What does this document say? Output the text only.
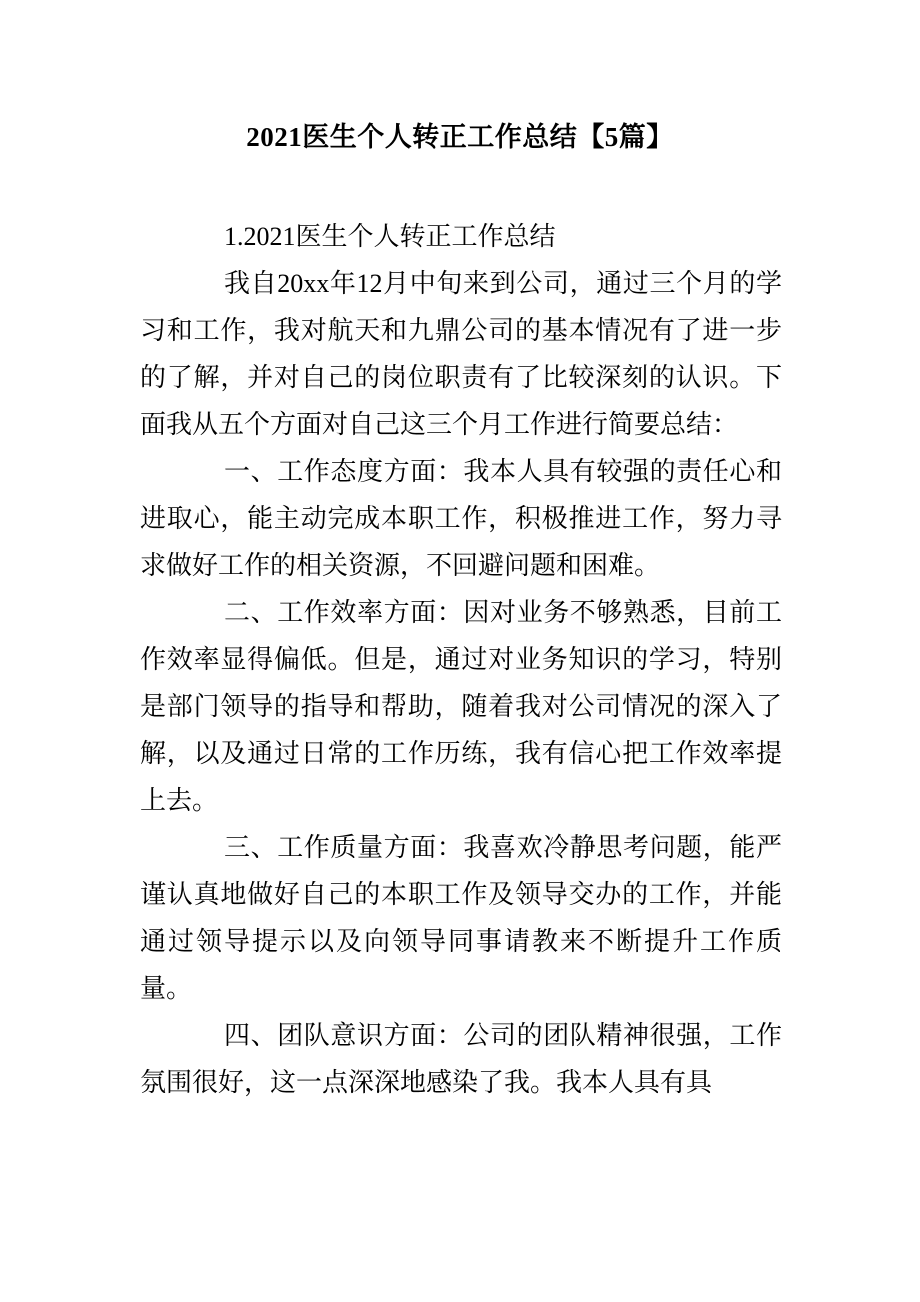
2021医生个人转正工作总结【5篇】

1.2021医生个人转正工作总结

我自20xx年12月中旬来到公司，通过三个月的学习和工作，我对航天和九鼎公司的基本情况有了进一步的了解，并对自己的岗位职责有了比较深刻的认识。下面我从五个方面对自己这三个月工作进行简要总结：

一、工作态度方面：我本人具有较强的责任心和进取心，能主动完成本职工作，积极推进工作，努力寻求做好工作的相关资源，不回避问题和困难。

二、工作效率方面：因对业务不够熟悉，目前工作效率显得偏低。但是，通过对业务知识的学习，特别是部门领导的指导和帮助，随着我对公司情况的深入了解，以及通过日常的工作历练，我有信心把工作效率提上去。

三、工作质量方面：我喜欢冷静思考问题，能严谨认真地做好自己的本职工作及领导交办的工作，并能通过领导提示以及向领导同事请教来不断提升工作质量。

四、团队意识方面：公司的团队精神很强，工作氛围很好，这一点深深地感染了我。我本人具有具
